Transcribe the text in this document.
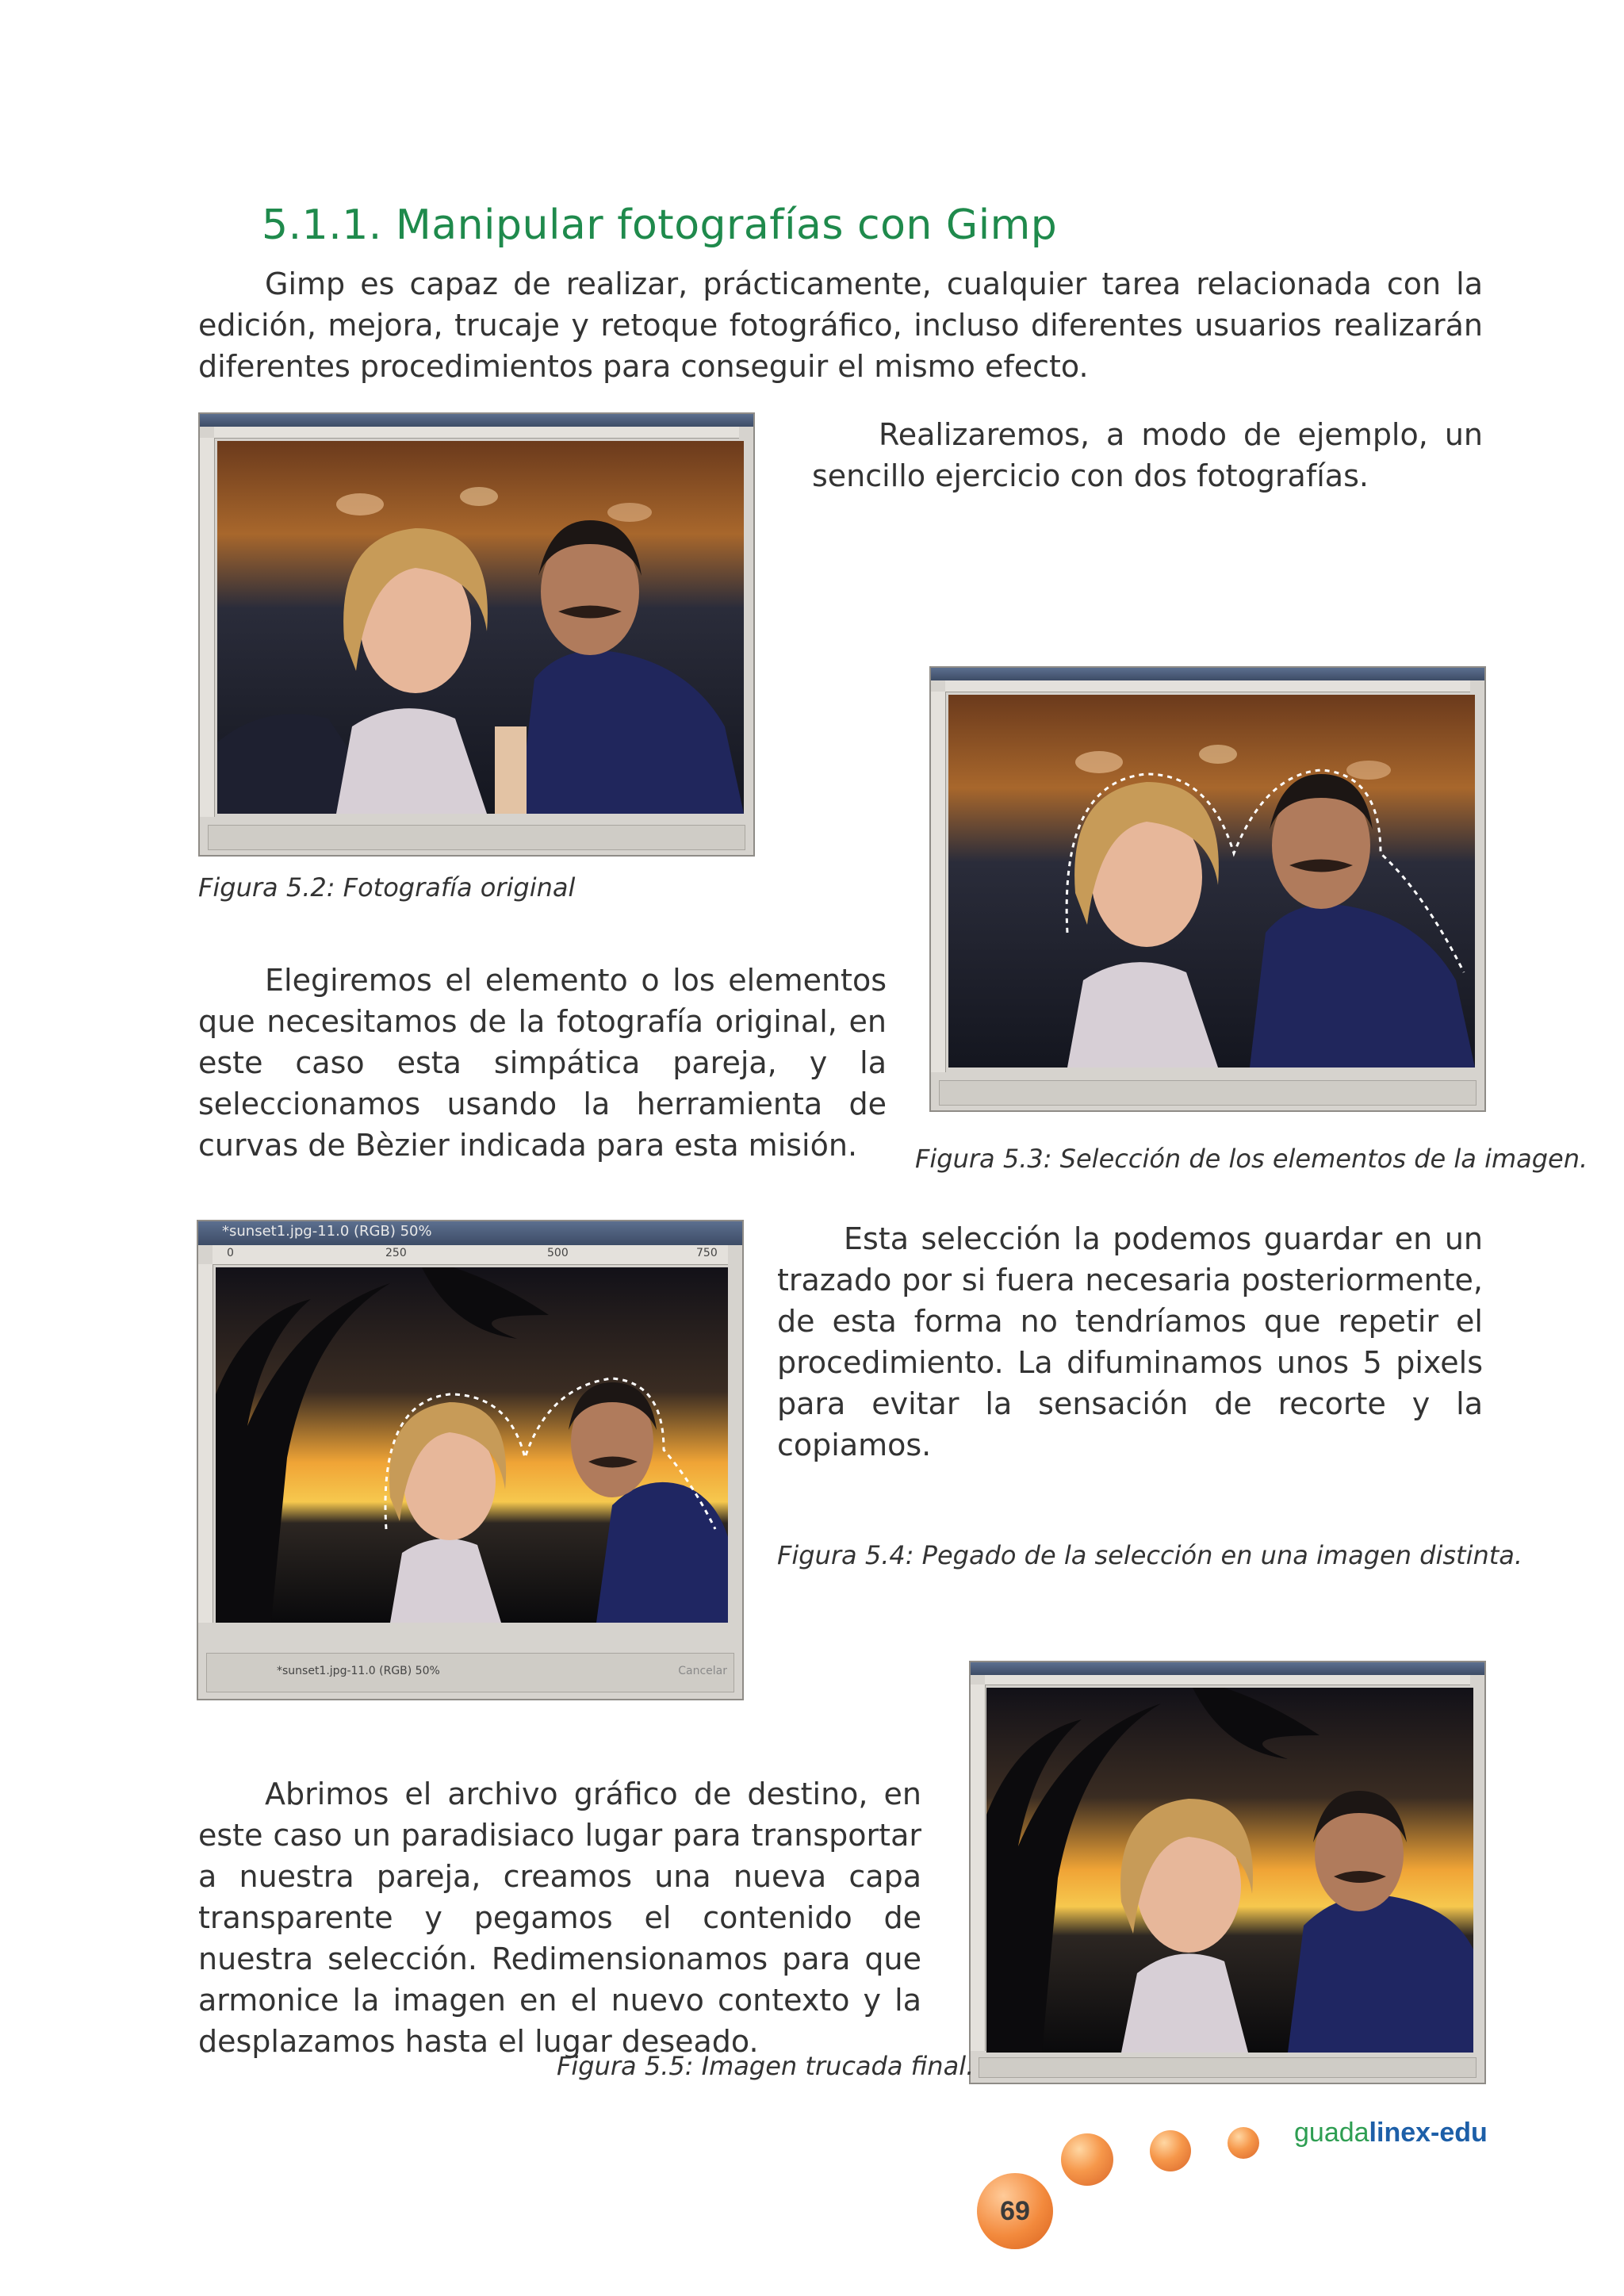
5.1.1. Manipular fotografías con Gimp
Gimp es capaz de realizar, prácticamente, cualquier tarea relacionada con la edición, mejora, trucaje y retoque fotográfico, incluso diferentes usuarios realizarán diferentes procedimientos para conseguir el mismo efecto.
Realizaremos, a modo de ejemplo, un sencillo ejercicio con dos fotografías.
Figura 5.2: Fotografía original
Elegiremos el elemento o los elementos que necesitamos de la fotografía original, en este caso esta simpática pareja, y la seleccionamos usando la herramienta de curvas de Bèzier indicada para esta misión.	Figura 5.3: Selección de los elementos de la imagen.
*sunset1.jpg-11.0 (RGB) 50%
0	250	500	750
*sunset1.jpg-11.0 (RGB) 50%	Cancelar
Esta selección la podemos guardar en un trazado por si fuera necesaria posteriormente, de esta forma no tendríamos que repetir el procedimiento. La difuminamos unos 5 pixels para evitar la sensación de recorte y la copiamos.
Figura 5.4: Pegado de la selección en una imagen distinta.
Abrimos el archivo gráfico de destino, en este caso un paradisiaco lugar para transportar a nuestra pareja, creamos una nueva capa transparente y pegamos el contenido de nuestra selección. Redimensionamos para que armonice la imagen en el nuevo contexto y la desplazamos hasta el lugar deseado.
Figura 5.5: Imagen trucada final.
guadalinex-edu
69
